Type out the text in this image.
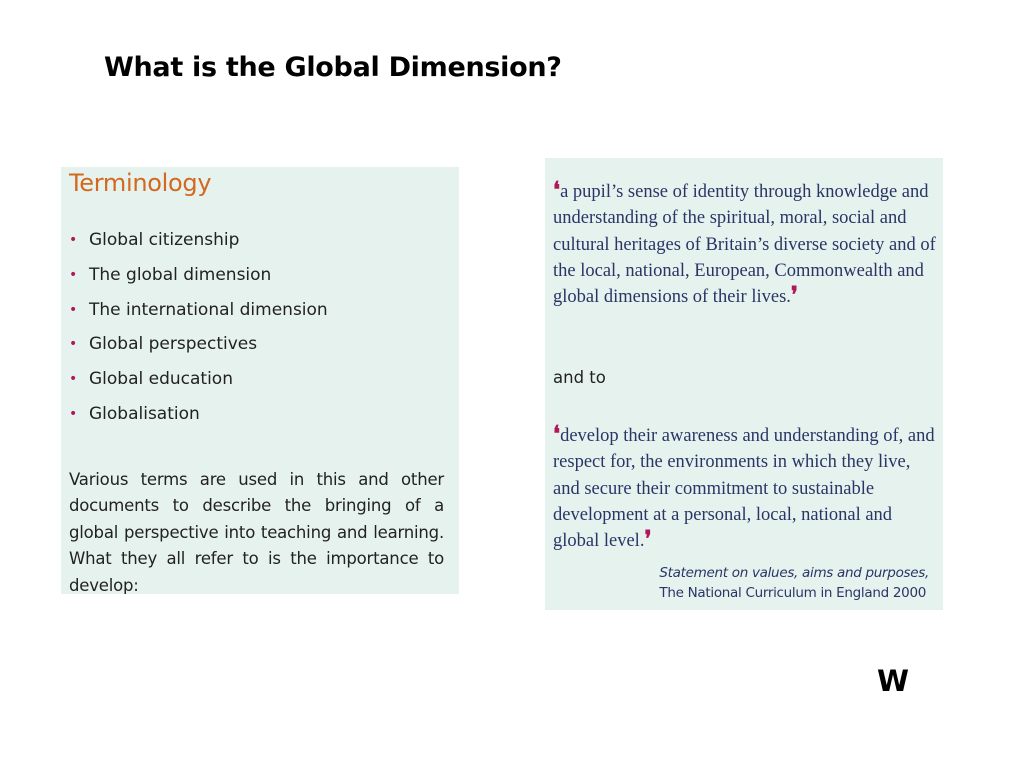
What is the Global Dimension?
Terminology
• Global citizenship
• The global dimension
• The international dimension
• Global perspectives
• Global education
• Globalisation

Various terms are used in this and other documents to describe the bringing of a global perspective into teaching and learning. What they all refer to is the importance to develop:

❛a pupil’s sense of identity through knowledge and understanding of the spiritual, moral, social and cultural heritages of Britain’s diverse society and of the local, national, European, Commonwealth and global dimensions of their lives.❜

and to

❛develop their awareness and understanding of, and respect for, the environments in which they live, and secure their commitment to sustainable development at a personal, local, national and global level.❜

Statement on values, aims and purposes,
The National Curriculum in England 2000

W
